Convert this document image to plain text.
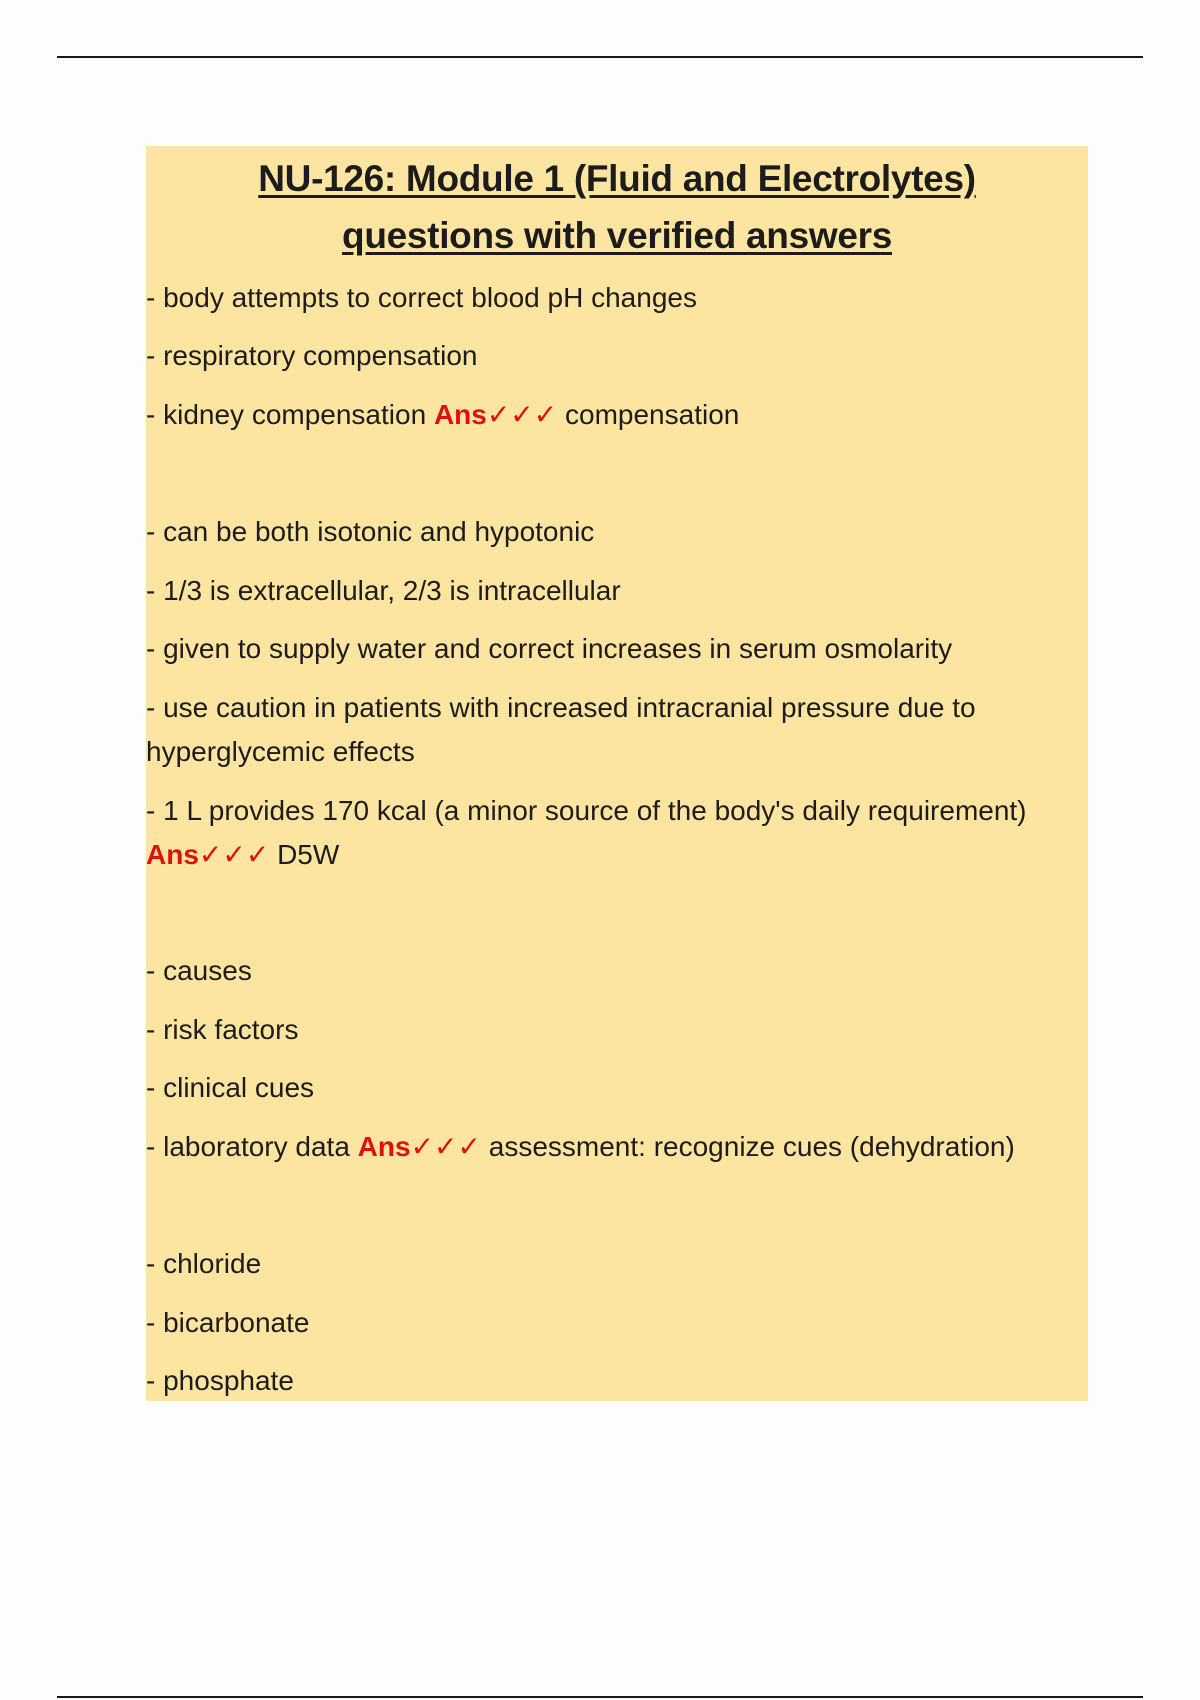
NU-126: Module 1 (Fluid and Electrolytes)
questions with verified answers
- body attempts to correct blood pH changes
- respiratory compensation
- kidney compensation Ans✓✓✓ compensation
- can be both isotonic and hypotonic
- 1/3 is extracellular, 2/3 is intracellular
- given to supply water and correct increases in serum osmolarity
- use caution in patients with increased intracranial pressure due to hyperglycemic effects
- 1 L provides 170 kcal (a minor source of the body's daily requirement) Ans✓✓✓ D5W
- causes
- risk factors
- clinical cues
- laboratory data Ans✓✓✓ assessment: recognize cues (dehydration)
- chloride
- bicarbonate
- phosphate
